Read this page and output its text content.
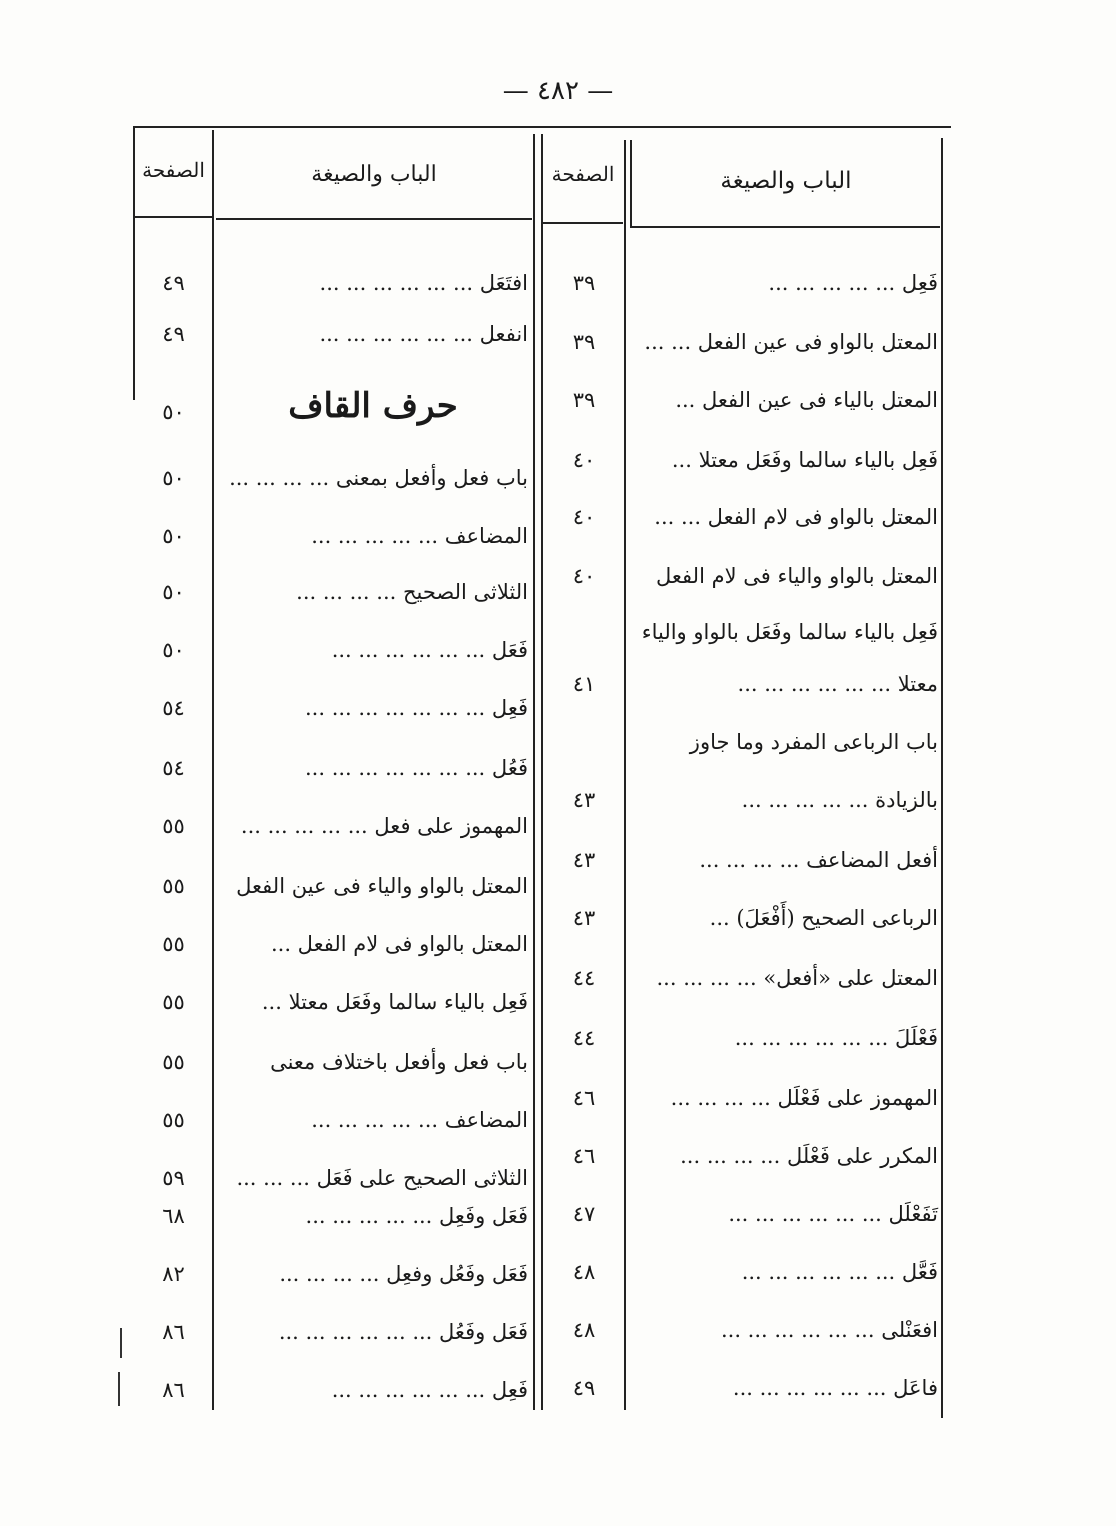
— ٤٨٢ —
الصفحة	الباب والصيغة	الصفحة	الباب والصيغة
فَعِل ... ... ... ... ...
٣٩
المعتل بالواو فى عين الفعل ... ...
٣٩
المعتل بالياء فى عين الفعل ...
٣٩
فَعِل بالياء سالما وفَعَل معتلا ...
٤٠
المعتل بالواو فى لام الفعل ... ...
٤٠
المعتل بالواو والياء فى لام الفعل
٤٠
فَعِل بالياء سالما وفَعَل بالواو والياء
معتلا ... ... ... ... ... ...
٤١
باب الرباعى المفرد وما جاوز
بالزيادة ... ... ... ... ...
٤٣
أفعل المضاعف ... ... ... ...
٤٣
الرباعى الصحيح (أَفْعَلَ) ...
٤٣
المعتل على «أفعل» ... ... ... ...
٤٤
فَعْلَلَ ... ... ... ... ... ...
٤٤
المهموز على فَعْلَل ... ... ... ...
٤٦
المكرر على فَعْلَل ... ... ... ...
٤٦
تَفَعْلَل ... ... ... ... ... ...
٤٧
فَعَّل ... ... ... ... ... ...
٤٨
افعَنْلى ... ... ... ... ... ...
٤٨
فاعَل ... ... ... ... ... ...
٤٩
افتَعَل ... ... ... ... ... ...
٤٩
انفعل ... ... ... ... ... ...
٤٩
حرف القاف
٥٠
باب فعل وأفعل بمعنى ... ... ... ...
٥٠
المضاعف ... ... ... ... ...
٥٠
الثلاثى الصحيح ... ... ... ...
٥٠
فَعَل ... ... ... ... ... ...
٥٠
فَعِل ... ... ... ... ... ... ...
٥٤
فَعُل ... ... ... ... ... ... ...
٥٤
المهموز على فعل ... ... ... ... ...
٥٥
المعتل بالواو والياء فى عين الفعل
٥٥
المعتل بالواو فى لام الفعل ...
٥٥
فَعِل بالياء سالما وفَعَل معتلا ...
٥٥
باب فعل وأفعل باختلاف معنى
٥٥
المضاعف ... ... ... ... ...
٥٥
الثلاثى الصحيح على فَعَل ... ... ...
٥٩
فَعَل وفَعِل ... ... ... ... ...
٦٨
فَعَل وفَعُل وفعِل ... ... ... ...
٨٢
فَعَل وفَعُل ... ... ... ... ... ...
٨٦
فَعِل ... ... ... ... ... ...
٨٦
